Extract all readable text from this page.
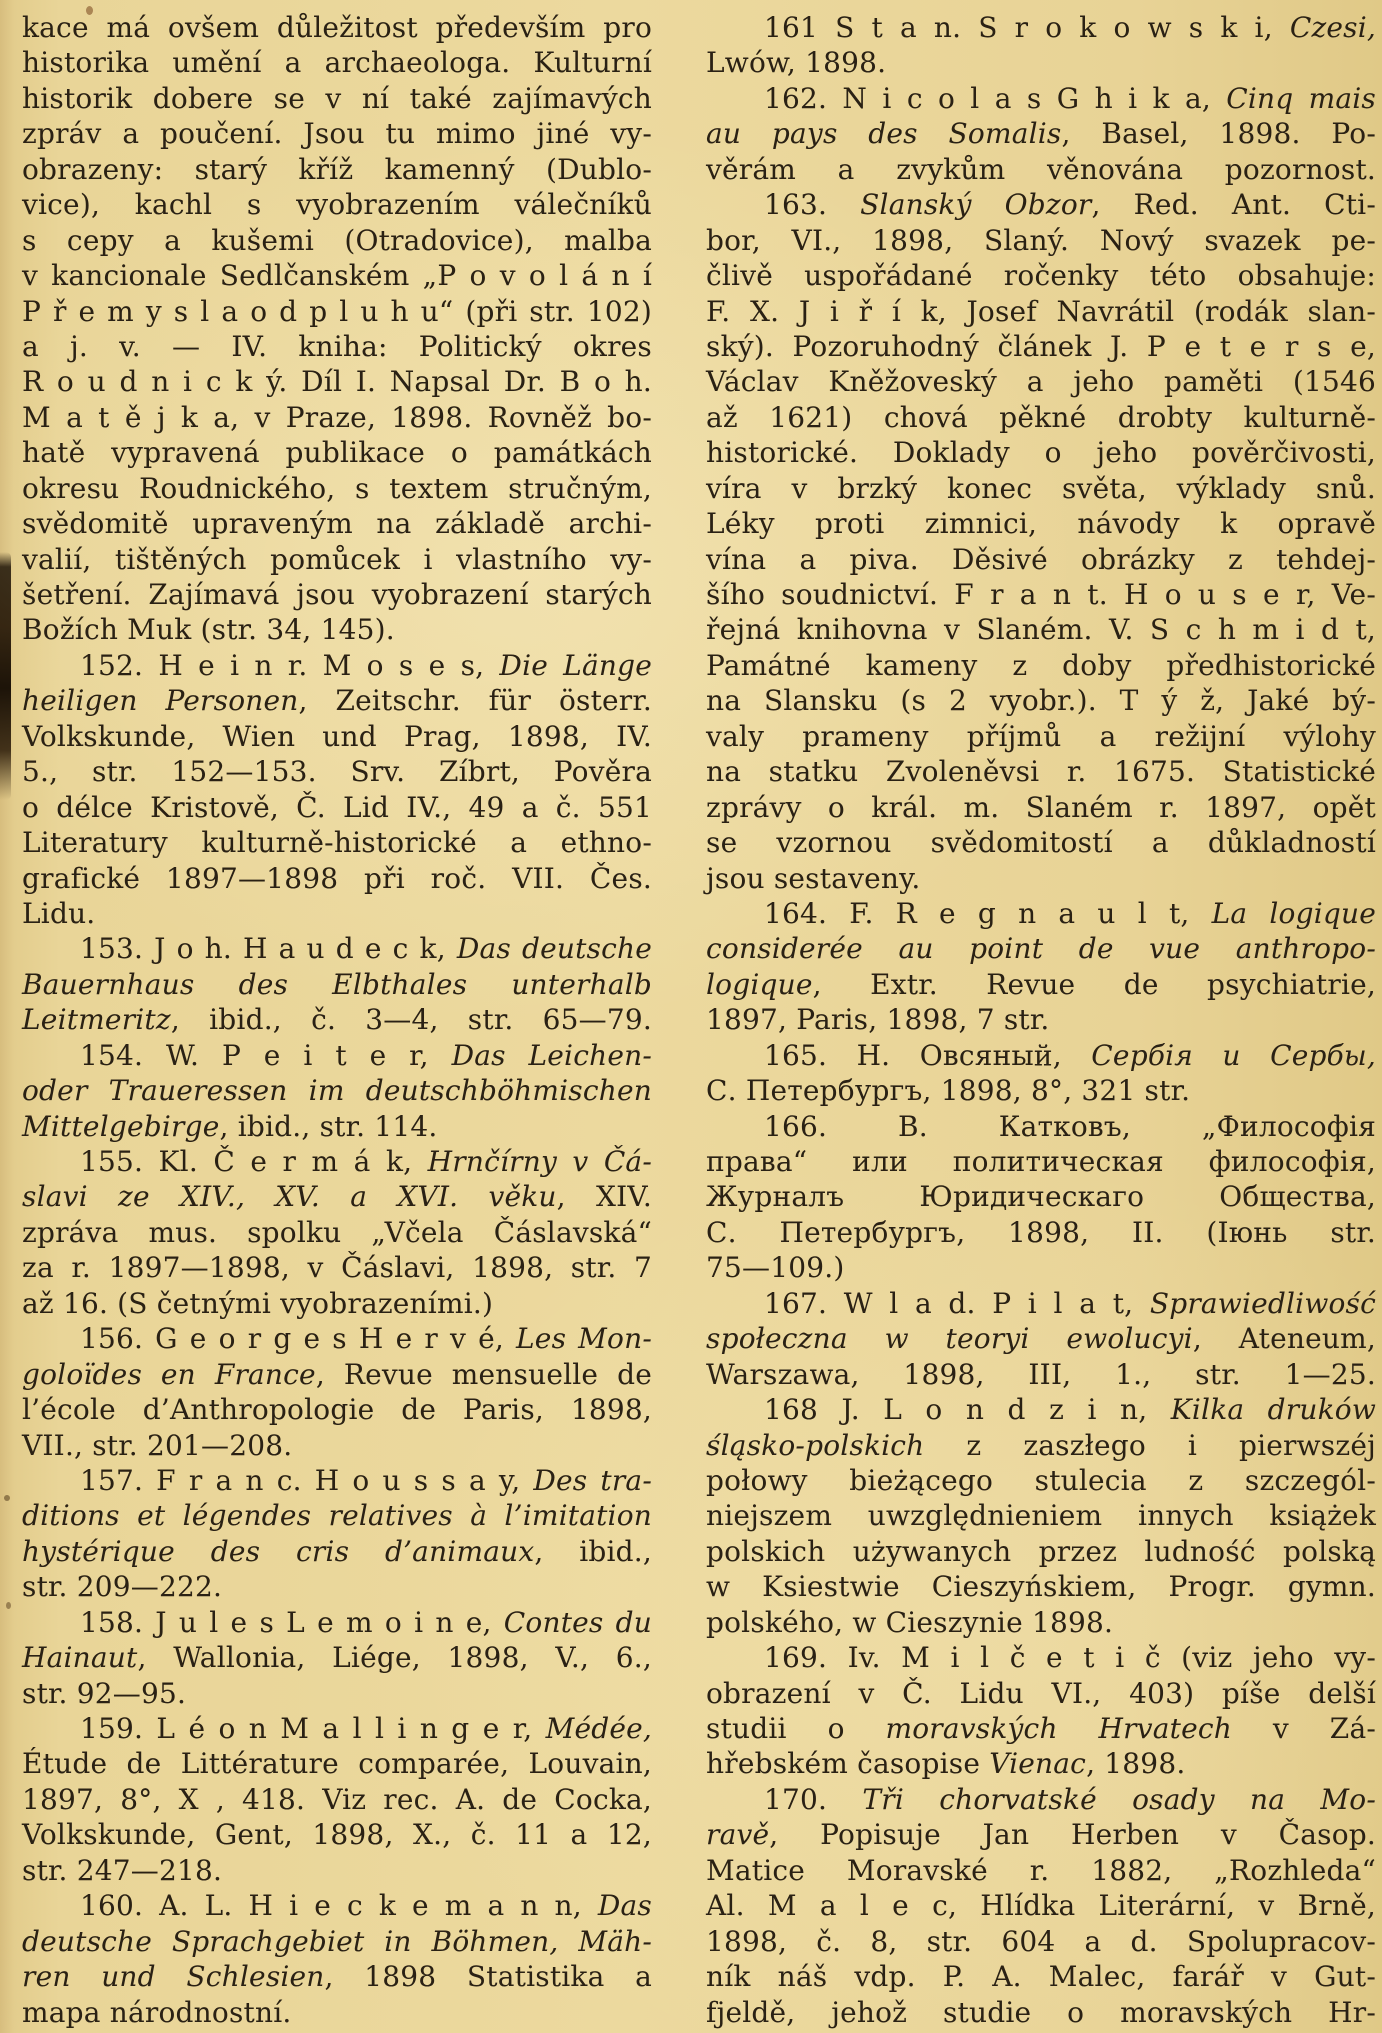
kace má ovšem důležitost především pro
historika umění a archaeologa. Kulturní
historik dobere se v ní také zajímavých
zpráv a poučení. Jsou tu mimo jiné vy-
obrazeny: starý kříž kamenný (Dublo-
vice), kachl s vyobrazením válečníků
s cepy a kušemi (Otradovice), malba
v kancionale Sedlčanském „P o v o l á n í
P ř e m y s l a o d p l u h u“ (při str. 102)
a j. v. — IV. kniha: Politický okres
R o u d n i c k ý. Díl I. Napsal Dr. B o h.
M a t ě j k a, v Praze, 1898. Rovněž bo-
hatě vypravená publikace o památkách
okresu Roudnického, s textem stručným,
svědomitě upraveným na základě archi-
valií, tištěných pomůcek i vlastního vy-
šetření. Zajímavá jsou vyobrazení starých
Božích Muk (str. 34, 145).
152. H e i n r. M o s e s, Die Länge
heiligen Personen, Zeitschr. für österr.
Volkskunde, Wien und Prag, 1898, IV.
5., str. 152—153. Srv. Zíbrt, Pověra
o délce Kristově, Č. Lid IV., 49 a č. 551
Literatury kulturně-historické a ethno-
grafické 1897—1898 při roč. VII. Čes.
Lidu.
153. J o h. H a u d e c k, Das deutsche
Bauernhaus des Elbthales unterhalb
Leitmeritz, ibid., č. 3—4, str. 65—79.
154. W. P e i t e r, Das Leichen-
oder Traueressen im deutschböhmischen
Mittelgebirge, ibid., str. 114.
155. Kl. Č e r m á k, Hrnčírny v Čá-
slavi ze XIV., XV. a XVI. věku, XIV.
zpráva mus. spolku „Včela Čáslavská“
za r. 1897—1898, v Čáslavi, 1898, str. 7
až 16. (S četnými vyobrazeními.)
156. G e o r g e s H e r v é, Les Mon-
goloïdes en France, Revue mensuelle de
l’école d’Anthropologie de Paris, 1898,
VII., str. 201—208.
157. F r a n c. H o u s s a y, Des tra-
ditions et légendes relatives à l’imitation
hystérique des cris d’animaux, ibid.,
str. 209—222.
158. J u l e s L e m o i n e, Contes du
Hainaut, Wallonia, Liége, 1898, V., 6.,
str. 92—95.
159. L é o n M a l l i n g e r, Médée,
Étude de Littérature comparée, Louvain,
1897, 8°, X , 418. Viz rec. A. de Cocka,
Volkskunde, Gent, 1898, X., č. 11 a 12,
str. 247—218.
160. A. L. H i e c k e m a n n, Das
deutsche Sprachgebiet in Böhmen, Mäh-
ren und Schlesien, 1898 Statistika a
mapa národnostní.
161 S t a n. S r o k o w s k i, Czesi,
Lwów, 1898.
162. N i c o l a s G h i k a, Cinq mais
au pays des Somalis, Basel, 1898. Po-
věrám a zvykům věnována pozornost.
163. Slanský Obzor, Red. Ant. Cti-
bor, VI., 1898, Slaný. Nový svazek pe-
člivě uspořádané ročenky této obsahuje:
F. X. J i ř í k, Josef Navrátil (rodák slan-
ský). Pozoruhodný článek J. P e t e r s e,
Václav Kněžoveský a jeho paměti (1546
až 1621) chová pěkné drobty kulturně-
historické. Doklady o jeho pověrčivosti,
víra v brzký konec světa, výklady snů.
Léky proti zimnici, návody k opravě
vína a piva. Děsivé obrázky z tehdej-
šího soudnictví. F r a n t. H o u s e r, Ve-
řejná knihovna v Slaném. V. S c h m i d t,
Památné kameny z doby předhistorické
na Slansku (s 2 vyobr.). T ý ž, Jaké bý-
valy prameny příjmů a režijní výlohy
na statku Zvoleněvsi r. 1675. Statistické
zprávy o král. m. Slaném r. 1897, opět
se vzornou svědomitostí a důkladností
jsou sestaveny.
164. F. R e g n a u l t, La logique
considerée au point de vue anthropo-
logique, Extr. Revue de psychiatrie,
1897, Paris, 1898, 7 str.
165. Н. Овсяный, Сербія и Сербы,
С. Петербургъ, 1898, 8°, 321 str.
166. В. Катковъ, „Философія
права“ или политическая философія,
Журналъ Юридическаго Общества,
С. Петербургъ, 1898, II. (Іюнь str.
75—109.)
167. W l a d. P i l a t, Sprawiedliwość
społeczna w teoryi ewolucyi, Ateneum,
Warszawa, 1898, III, 1., str. 1—25.
168 J. L o n d z i n, Kilka druków
śląsko-polskich z zaszłego i pierwszéj
połowy bieżącego stulecia z szczegól-
niejszem uwzględnieniem innych książek
polskich używanych przez ludność polską
w Ksiestwie Cieszyńskiem, Progr. gymn.
polského, w Cieszynie 1898.
169. Iv. M i l č e t i č (viz jeho vy-
obrazení v Č. Lidu VI., 403) píše delší
studii o moravských Hrvatech v Zá-
hřebském časopise Vienac, 1898.
170. Tři chorvatské osady na Mo-
ravě, Popisuje Jan Herben v Časop.
Matice Moravské r. 1882, „Rozhleda“
Al. M a l e c, Hlídka Literární, v Brně,
1898, č. 8, str. 604 a d. Spolupracov-
ník náš vdp. P. A. Malec, farář v Gut-
fjeldě, jehož studie o moravských Hr-
